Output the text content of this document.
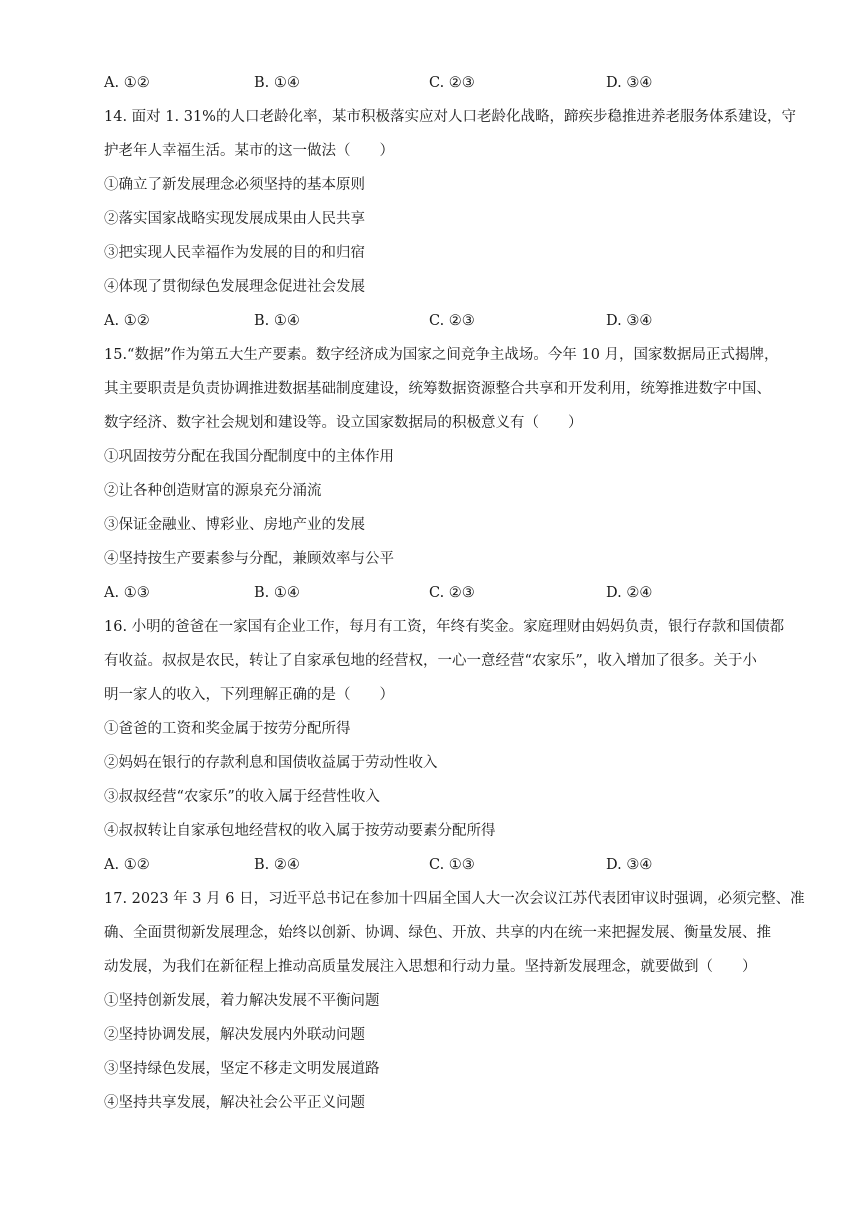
A. ①②	B. ①④	C. ②③	D. ③④
14. 面对 1. 31%的人口老龄化率，某市积极落实应对人口老龄化战略，蹄疾步稳推进养老服务体系建设，守
护老年人幸福生活。某市的这一做法（　　）
①确立了新发展理念必须坚持的基本原则
②落实国家战略实现发展成果由人民共享
③把实现人民幸福作为发展的目的和归宿
④体现了贯彻绿色发展理念促进社会发展
A. ①②	B. ①④	C. ②③	D. ③④
15.“数据”作为第五大生产要素。数字经济成为国家之间竞争主战场。今年 10 月，国家数据局正式揭牌，
其主要职责是负责协调推进数据基础制度建设，统筹数据资源整合共享和开发利用，统筹推进数字中国、
数字经济、数字社会规划和建设等。设立国家数据局的积极意义有（　　）
①巩固按劳分配在我国分配制度中的主体作用
②让各种创造财富的源泉充分涌流
③保证金融业、博彩业、房地产业的发展
④坚持按生产要素参与分配，兼顾效率与公平
A. ①③	B. ①④	C. ②③	D. ②④
16. 小明的爸爸在一家国有企业工作，每月有工资，年终有奖金。家庭理财由妈妈负责，银行存款和国债都
有收益。叔叔是农民，转让了自家承包地的经营权，一心一意经营“农家乐”，收入增加了很多。关于小
明一家人的收入，下列理解正确的是（　　）
①爸爸的工资和奖金属于按劳分配所得
②妈妈在银行的存款利息和国债收益属于劳动性收入
③叔叔经营“农家乐”的收入属于经营性收入
④叔叔转让自家承包地经营权的收入属于按劳动要素分配所得
A. ①②	B. ②④	C. ①③	D. ③④
17. 2023 年 3 月 6 日，习近平总书记在参加十四届全国人大一次会议江苏代表团审议时强调，必须完整、准
确、全面贯彻新发展理念，始终以创新、协调、绿色、开放、共享的内在统一来把握发展、衡量发展、推
动发展，为我们在新征程上推动高质量发展注入思想和行动力量。坚持新发展理念，就要做到（　　）
①坚持创新发展，着力解决发展不平衡问题
②坚持协调发展，解决发展内外联动问题
③坚持绿色发展，坚定不移走文明发展道路
④坚持共享发展，解决社会公平正义问题
